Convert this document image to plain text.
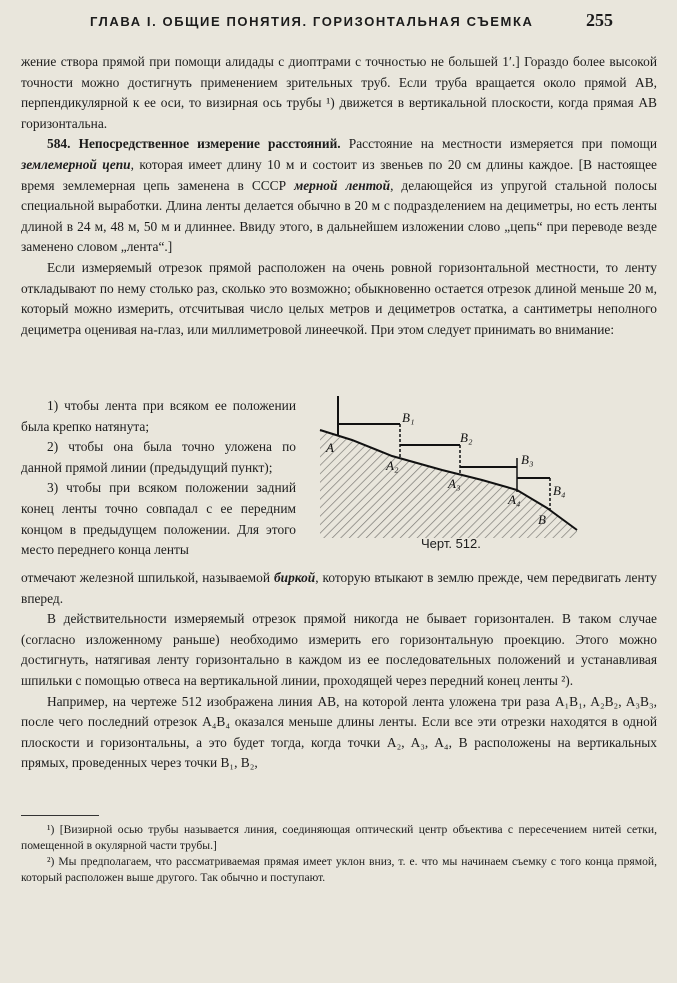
ГЛАВА І. ОБЩИЕ ПОНЯТИЯ. ГОРИЗОНТАЛЬНАЯ СЪЕМКА	255

жение створа прямой при помощи алидады с диоптрами с точностью не большей 1′.] Гораздо более высокой точности можно достигнуть применением зрительных труб. Если труба вращается около прямой AB, перпендикулярной к ее оси, то визирная ось трубы ¹) движется в вертикальной плоскости, когда прямая AB горизонтальна.

584. Непосредственное измерение расстояний. Расстояние на местности измеряется при помощи землемерной цепи, которая имеет длину 10 м и состоит из звеньев по 20 см длины каждое. [В настоящее время землемерная цепь заменена в СССР мерной лентой, делающейся из упругой стальной полосы специальной выработки. Длина ленты делается обычно в 20 м с подразделением на дециметры, но есть ленты длиной в 24 м, 48 м, 50 м и длиннее. Ввиду этого, в дальнейшем изложении слово „цепь“ при переводе везде заменено словом „лента“.]

Если измеряемый отрезок прямой расположен на очень ровной горизонтальной местности, то ленту откладывают по нему столько раз, сколько это возможно; обыкновенно остается отрезок длиной меньше 20 м, который можно измерить, отсчитывая число целых метров и дециметров остатка, а сантиметры неполного дециметра оценивая на-глаз, или миллиметровой линеечкой. При этом следует принимать во внимание:

1) чтобы лента при всяком ее положении была крепко натянута;

2) чтобы она была точно уложена по данной прямой линии (предыдущий пункт);

3) чтобы при всяком положении задний конец ленты точно совпадал с ее передним концом в предыдущем положении. Для этого место переднего конца ленты

A
B₁
A₂
B₂
A₃
B₃
A₄
B₄
B
Черт. 512.

отмечают железной шпилькой, называемой биркой, которую втыкают в землю прежде, чем передвигать ленту вперед.

В действительности измеряемый отрезок прямой никогда не бывает горизонтален. В таком случае (согласно изложенному раньше) необходимо измерить его горизонтальную проекцию. Этого можно достигнуть, натягивая ленту горизонтально в каждом из ее последовательных положений и устанавливая шпильки с помощью отвеса на вертикальной линии, проходящей через передний конец ленты ²).

Например, на чертеже 512 изображена линия AB, на которой лента уложена три раза A₁B₁, A₂B₂, A₃B₃, после чего последний отрезок A₄B₄ оказался меньше длины ленты. Если все эти отрезки находятся в одной плоскости и горизонтальны, а это будет тогда, когда точки A₂, A₃, A₄, B расположены на вертикальных прямых, проведенных через точки B₁, B₂,

¹) [Визирной осью трубы называется линия, соединяющая оптический центр объектива с пересечением нитей сетки, помещенной в окулярной части трубы.]

²) Мы предполагаем, что рассматриваемая прямая имеет уклон вниз, т. е. что мы начинаем съемку с того конца прямой, который расположен выше другого. Так обычно и поступают.
